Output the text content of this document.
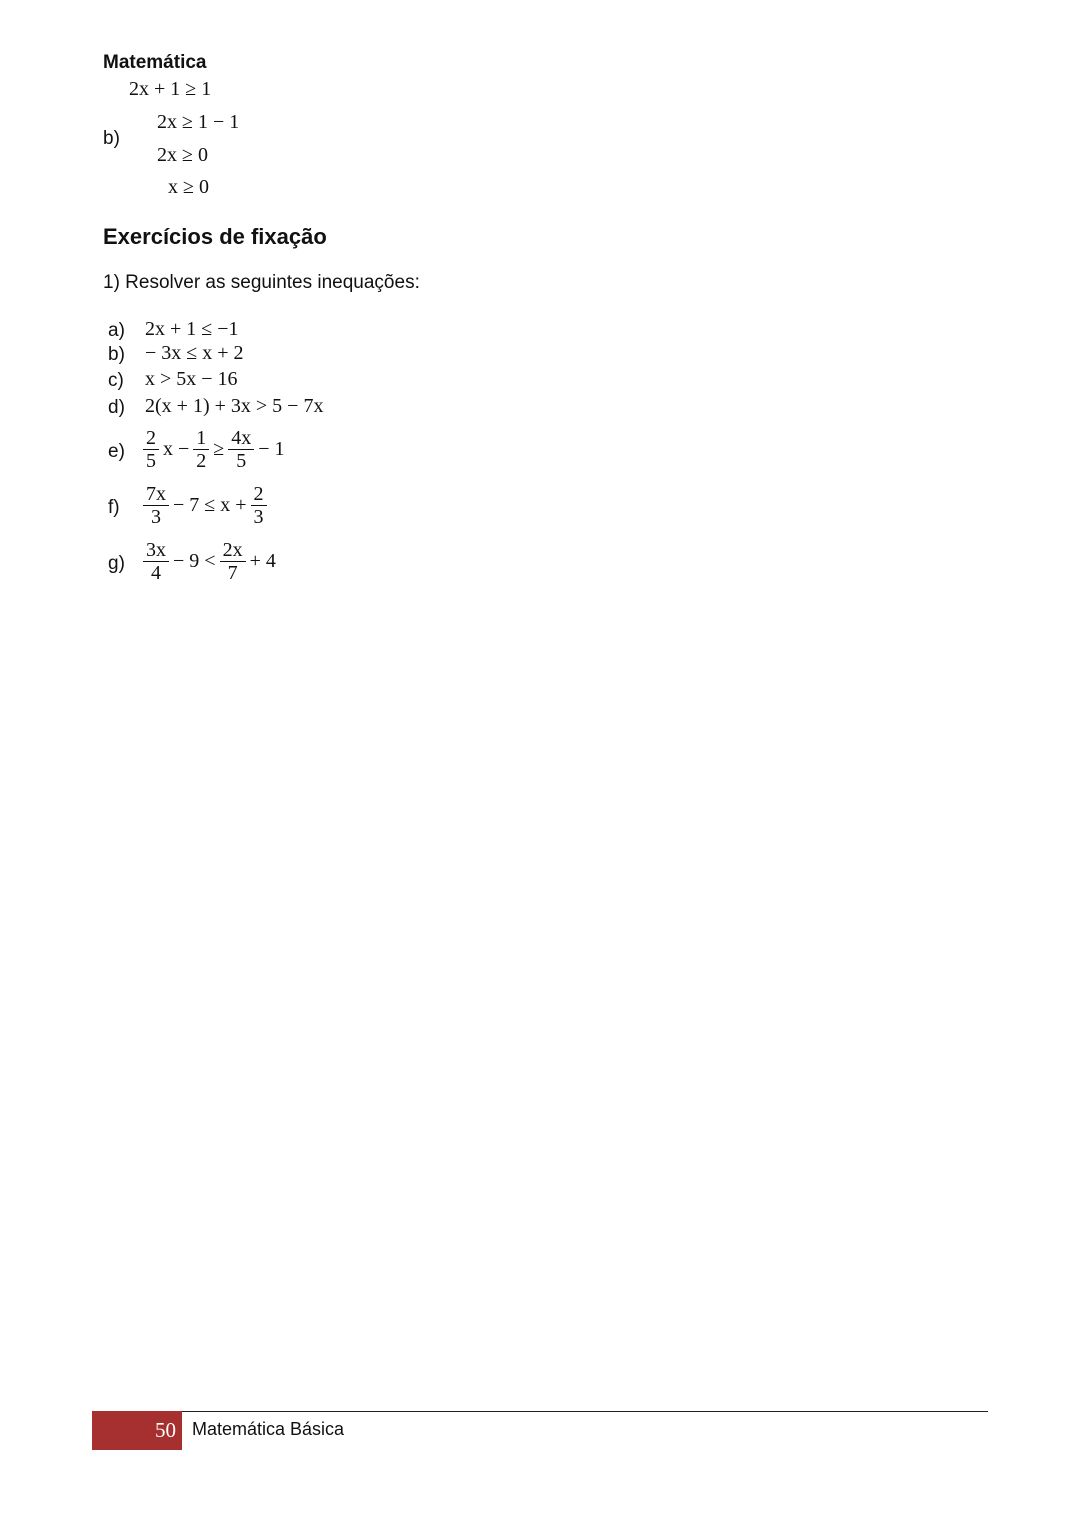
Matemática
2x + 1 ≥ 1
b)
2x ≥ 1 − 1
2x ≥ 0
x ≥ 0
Exercícios de fixação
1) Resolver as seguintes inequações:
a) 2x + 1 ≤ −1
b) − 3x ≤ x + 2
c) x > 5x − 16
d) 2(x + 1) + 3x > 5 − 7x
$e) \frac{2}{5}$ $x - \frac{1}{2} \ge \frac{4x}{5} - 1$
$f) \frac{7x}{3} - 7 \le x + \frac{2}{3}$
$g) \frac{3x}{4} - 9 < \frac{2x}{7} + 4$
50 Matemática Básica
